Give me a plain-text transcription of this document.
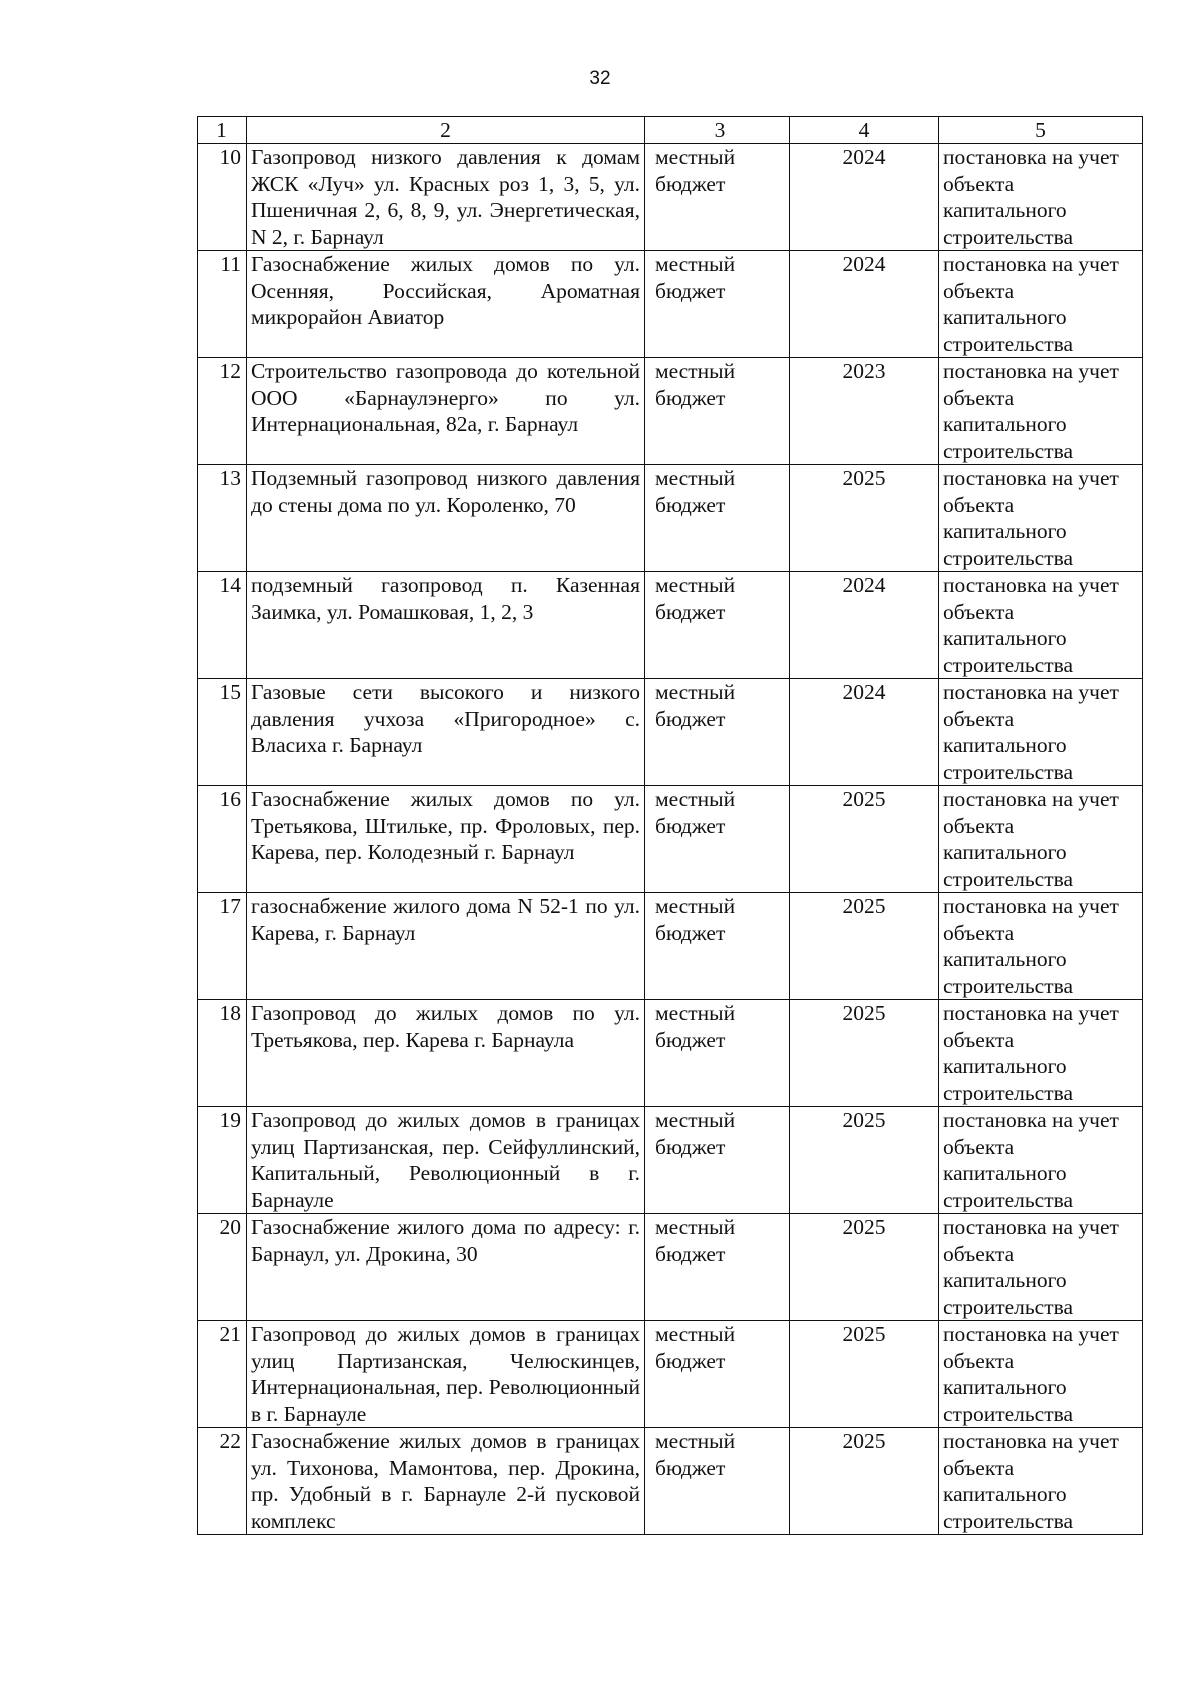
32
1	2	3	4	5
10	Газопровод низкого давления к домам ЖСК «Луч» ул. Красных роз 1, 3, 5, ул. Пшеничная 2, 6, 8, 9, ул. Энергетическая, N 2, г. Барнаул	местный бюджет	2024	постановка на учет объекта капитального строительства
11	Газоснабжение жилых домов по ул. Осенняя, Российская, Ароматная микрорайон Авиатор	местный бюджет	2024	постановка на учет объекта капитального строительства
12	Строительство газопровода до котельной ООО «Барнаулэнерго» по ул. Интернациональная, 82а, г. Барнаул	местный бюджет	2023	постановка на учет объекта капитального строительства
13	Подземный газопровод низкого давления до стены дома по ул. Короленко, 70	местный бюджет	2025	постановка на учет объекта капитального строительства
14	подземный газопровод п. Казенная Заимка, ул. Ромашковая, 1, 2, 3	местный бюджет	2024	постановка на учет объекта капитального строительства
15	Газовые сети высокого и низкого давления учхоза «Пригородное» с. Власиха г. Барнаул	местный бюджет	2024	постановка на учет объекта капитального строительства
16	Газоснабжение жилых домов по ул. Третьякова, Штильке, пр. Фроловых, пер. Карева, пер. Колодезный г. Барнаул	местный бюджет	2025	постановка на учет объекта капитального строительства
17	газоснабжение жилого дома N 52-1 по ул. Карева, г. Барнаул	местный бюджет	2025	постановка на учет объекта капитального строительства
18	Газопровод до жилых домов по ул. Третьякова, пер. Карева г. Барнаула	местный бюджет	2025	постановка на учет объекта капитального строительства
19	Газопровод до жилых домов в границах улиц Партизанская, пер. Сейфуллинский, Капитальный, Революционный в г. Барнауле	местный бюджет	2025	постановка на учет объекта капитального строительства
20	Газоснабжение жилого дома по адресу: г. Барнаул, ул. Дрокина, 30	местный бюджет	2025	постановка на учет объекта капитального строительства
21	Газопровод до жилых домов в границах улиц Партизанская, Челюскинцев, Интернациональная, пер. Революционный в г. Барнауле	местный бюджет	2025	постановка на учет объекта капитального строительства
22	Газоснабжение жилых домов в границах ул. Тихонова, Мамонтова, пер. Дрокина, пр. Удобный в г. Барнауле 2-й пусковой комплекс	местный бюджет	2025	постановка на учет объекта капитального строительства
